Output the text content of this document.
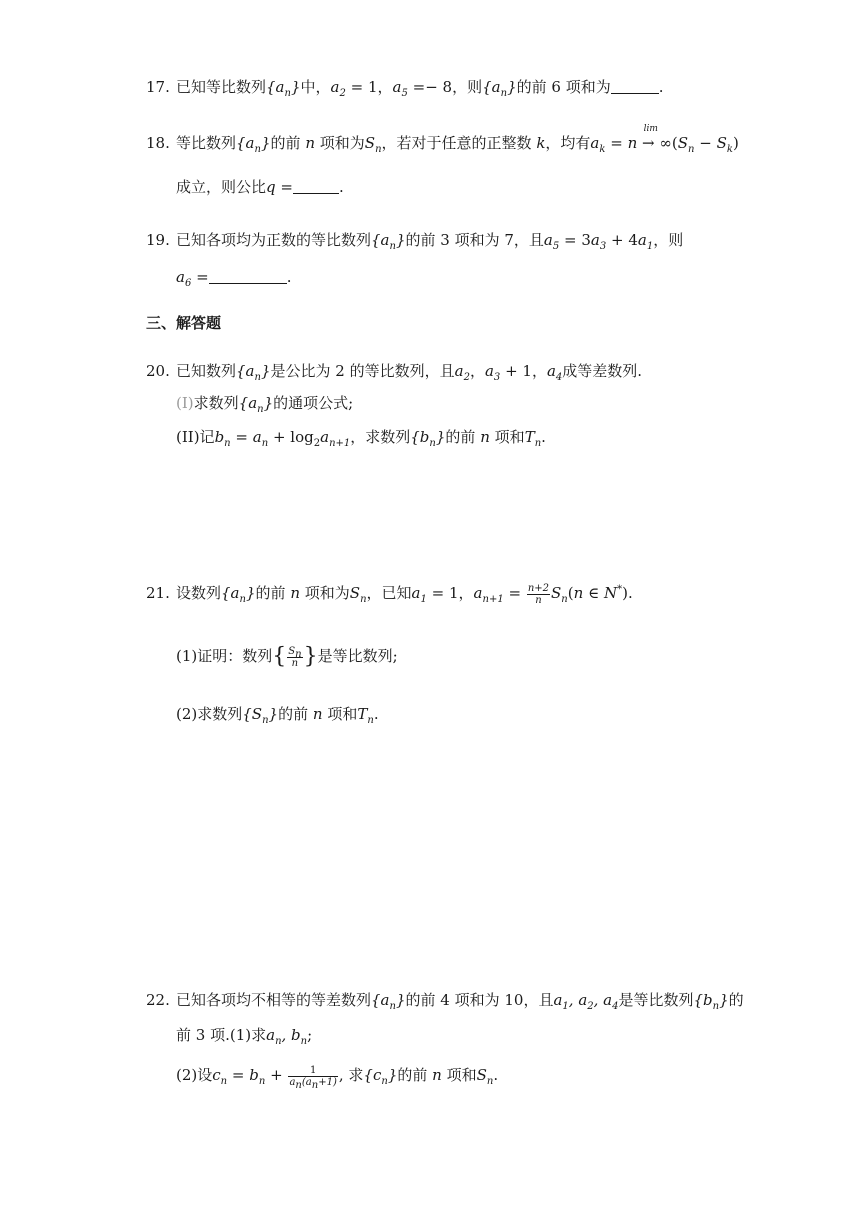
17. 已知等比数列$\{a_n\}$中，$a_2 = 1$，$a_5 =- 8$，则$\{a_n\}$的前 6 项和为	.
18. 等比数列$\{a_n\}$的前 n 项和为$S_n$，若对于任意的正整数 k，均有$a_k$ =
lim
$n \to \infty(S_n - S_k)$
成立，则公比q =	.
19. 已知各项均为正数的等比数列$\{a_n\}$的前 3 项和为 7，且$a_5 = 3a_3 + 4a_1$，则
$a_6$ =	.
三、解答题
20. 已知数列$\{a_n\}$是公比为 2 的等比数列，且$a_2$，$a_3 + 1$，$a_4$成等差数列.
(I)求数列$\{a_n\}$的通项公式;
(II)记$b_n = a_n + \log_2a_{n+1}$，求数列$\{b_n\}$的前 n 项和$T_n$.
21. 设数列$\{a_n\}$的前 n 项和为$S_n$，已知$a_1 = 1$，$a_{n+1} = \frac{n+2}{n} S_n(n$ ∈ N*).
(1)证明：数列 { $\frac{S_n}{n}$ } 是等比数列;
(2)求数列$\{S_n\}$的前 n 项和$T_n$.
22. 已知各项均不相等的等差数列$\{a_n\}$的前 4 项和为 10，且$a_1$, $a_2$, $a_4$是等比数列$\{b_n\}$的
前 3 项.(1)求$a_n$, $b_n$;
(2)设$c_n = b_n + \frac{1}{a_n(a_n+1)}$ , 求$\{c_n\}$的前 n 项和$S_n$.
